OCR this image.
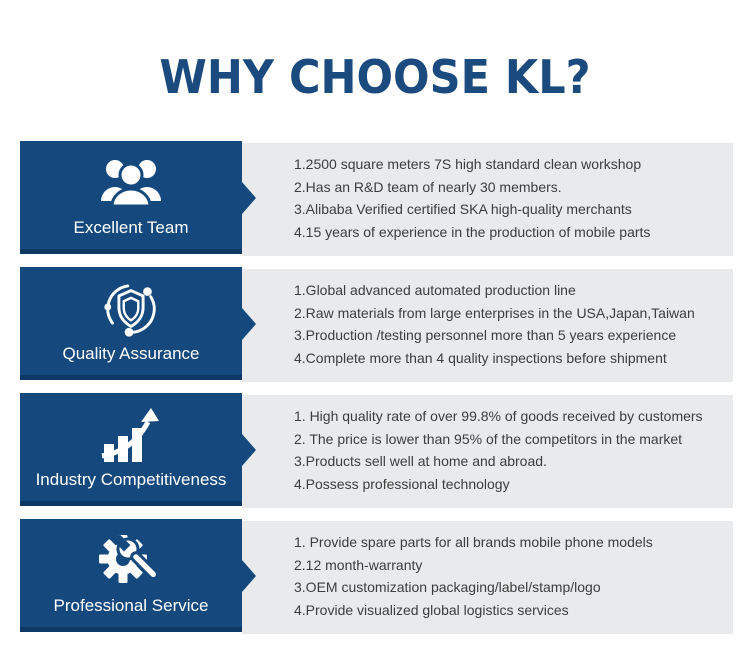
WHY CHOOSE KL?
Excellent Team
1.2500 square meters 7S high standard clean workshop
2.Has an R&D team of nearly 30 members.
3.Alibaba Verified certified SKA high-quality merchants
4.15 years of experience in the production of mobile parts
Quality Assurance
1.Global advanced automated production line
2.Raw materials from large enterprises in the USA,Japan,Taiwan
3.Production /testing personnel more than 5 years experience
4.Complete more than 4 quality inspections before shipment
Industry Competitiveness
1. High quality rate of over 99.8% of goods received by customers
2. The price is lower than 95% of the competitors in the market
3.Products sell well at home and abroad.
4.Possess professional technology
Professional Service
1. Provide spare parts for all brands mobile phone models
2.12 month-warranty
3.OEM customization packaging/label/stamp/logo
4.Provide visualized global logistics services
